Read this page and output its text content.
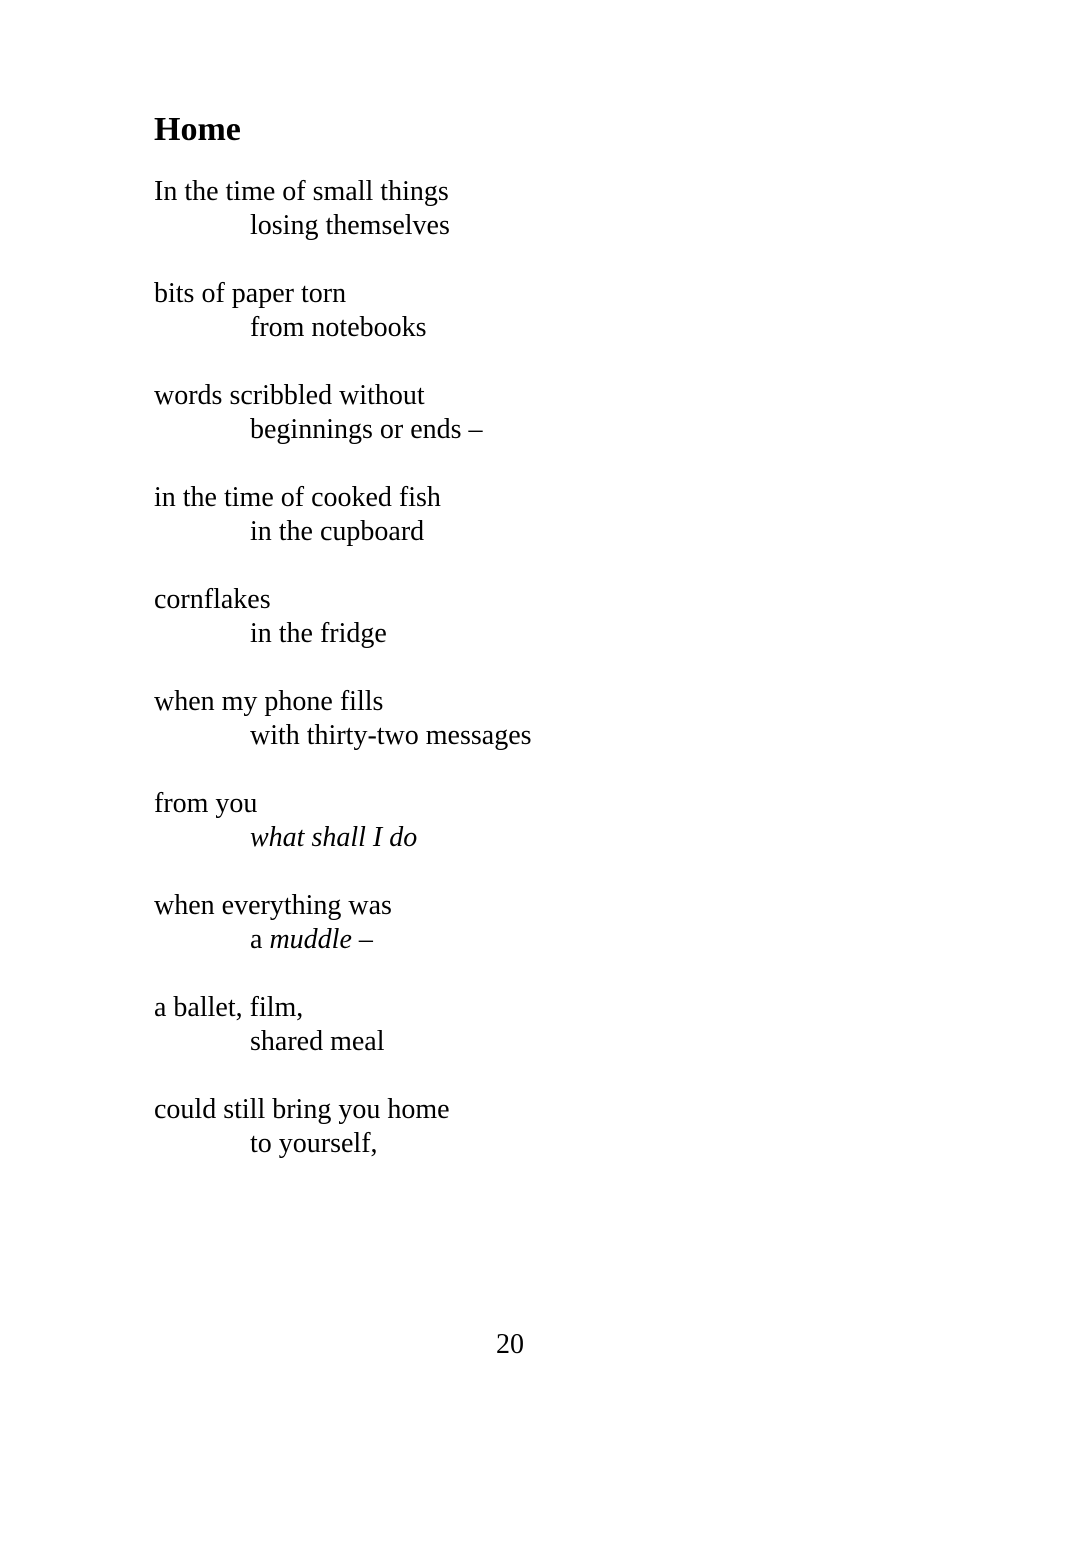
Home

In the time of small things
losing themselves

bits of paper torn
from notebooks

words scribbled without
beginnings or ends –

in the time of cooked fish
in the cupboard

cornflakes
in the fridge

when my phone fills
with thirty-two messages

from you
what shall I do

when everything was
a muddle –

a ballet, film,
shared meal

could still bring you home
to yourself,

20
